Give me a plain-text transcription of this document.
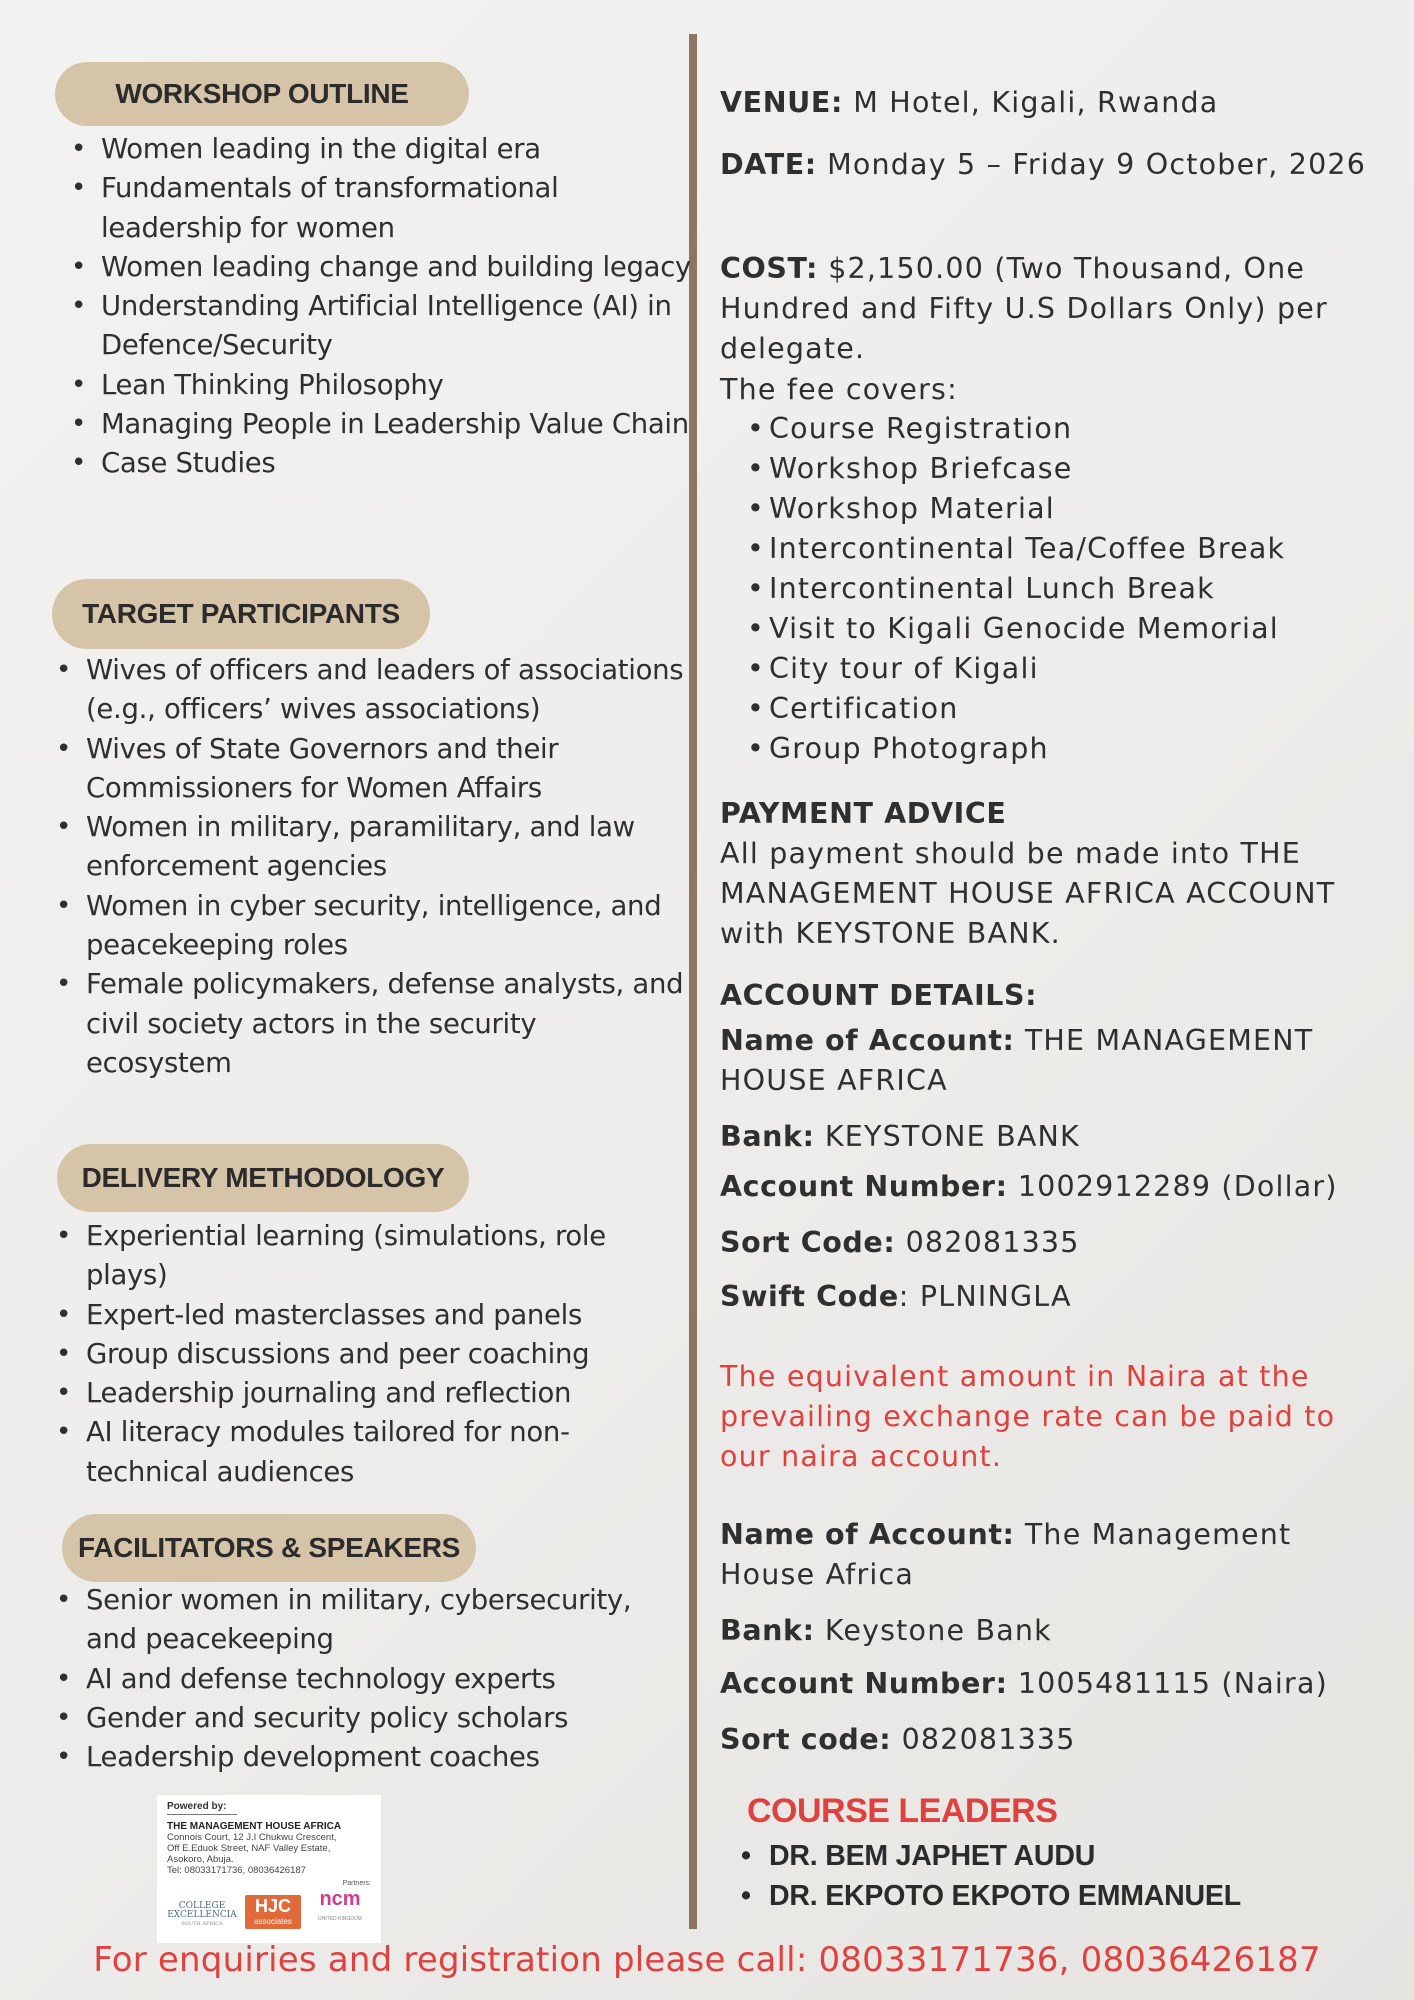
WORKSHOP OUTLINE
• Women leading in the digital era
• Fundamentals of transformational leadership for women
• Women leading change and building legacy
• Understanding Artificial Intelligence (AI) in Defence/Security
• Lean Thinking Philosophy
• Managing People in Leadership Value Chain
• Case Studies
TARGET PARTICIPANTS
• Wives of officers and leaders of associations (e.g., officers’ wives associations)
• Wives of State Governors and their Commissioners for Women Affairs
• Women in military, paramilitary, and law enforcement agencies
• Women in cyber security, intelligence, and peacekeeping roles
• Female policymakers, defense analysts, and civil society actors in the security ecosystem
DELIVERY METHODOLOGY
• Experiential learning (simulations, role plays)
• Expert-led masterclasses and panels
• Group discussions and peer coaching
• Leadership journaling and reflection
• AI literacy modules tailored for non-technical audiences
FACILITATORS & SPEAKERS
• Senior women in military, cybersecurity, and peacekeeping
• AI and defense technology experts
• Gender and security policy scholars
• Leadership development coaches
Powered by:
THE MANAGEMENT HOUSE AFRICA
Connois Court, 12 J.I Chukwu Crescent,
Off E.Eduok Street, NAF Valley Estate,
Asokoro, Abuja.
Tel: 08033171736, 08036426187
Partners:
COLLEGE EXCELLENCIA
SOUTH AFRICA
HJC
associates
ncm
UNITED KINGDOM
VENUE: M Hotel, Kigali, Rwanda
DATE: Monday 5 – Friday 9 October, 2026
COST: $2,150.00 (Two Thousand, One Hundred and Fifty U.S Dollars Only) per delegate.
The fee covers:
• Course Registration
• Workshop Briefcase
• Workshop Material
• Intercontinental Tea/Coffee Break
• Intercontinental Lunch Break
• Visit to Kigali Genocide Memorial
• City tour of Kigali
• Certification
• Group Photograph
PAYMENT ADVICE
All payment should be made into THE MANAGEMENT HOUSE AFRICA ACCOUNT with KEYSTONE BANK.
ACCOUNT DETAILS:
Name of Account: THE MANAGEMENT HOUSE AFRICA
Bank: KEYSTONE BANK
Account Number: 1002912289 (Dollar)
Sort Code: 082081335
Swift Code: PLNINGLA
The equivalent amount in Naira at the prevailing exchange rate can be paid to our naira account.
Name of Account: The Management House Africa
Bank: Keystone Bank
Account Number: 1005481115 (Naira)
Sort code: 082081335
COURSE LEADERS
• DR. BEM JAPHET AUDU
• DR. EKPOTO EKPOTO EMMANUEL
For enquiries and registration please call: 08033171736, 08036426187
